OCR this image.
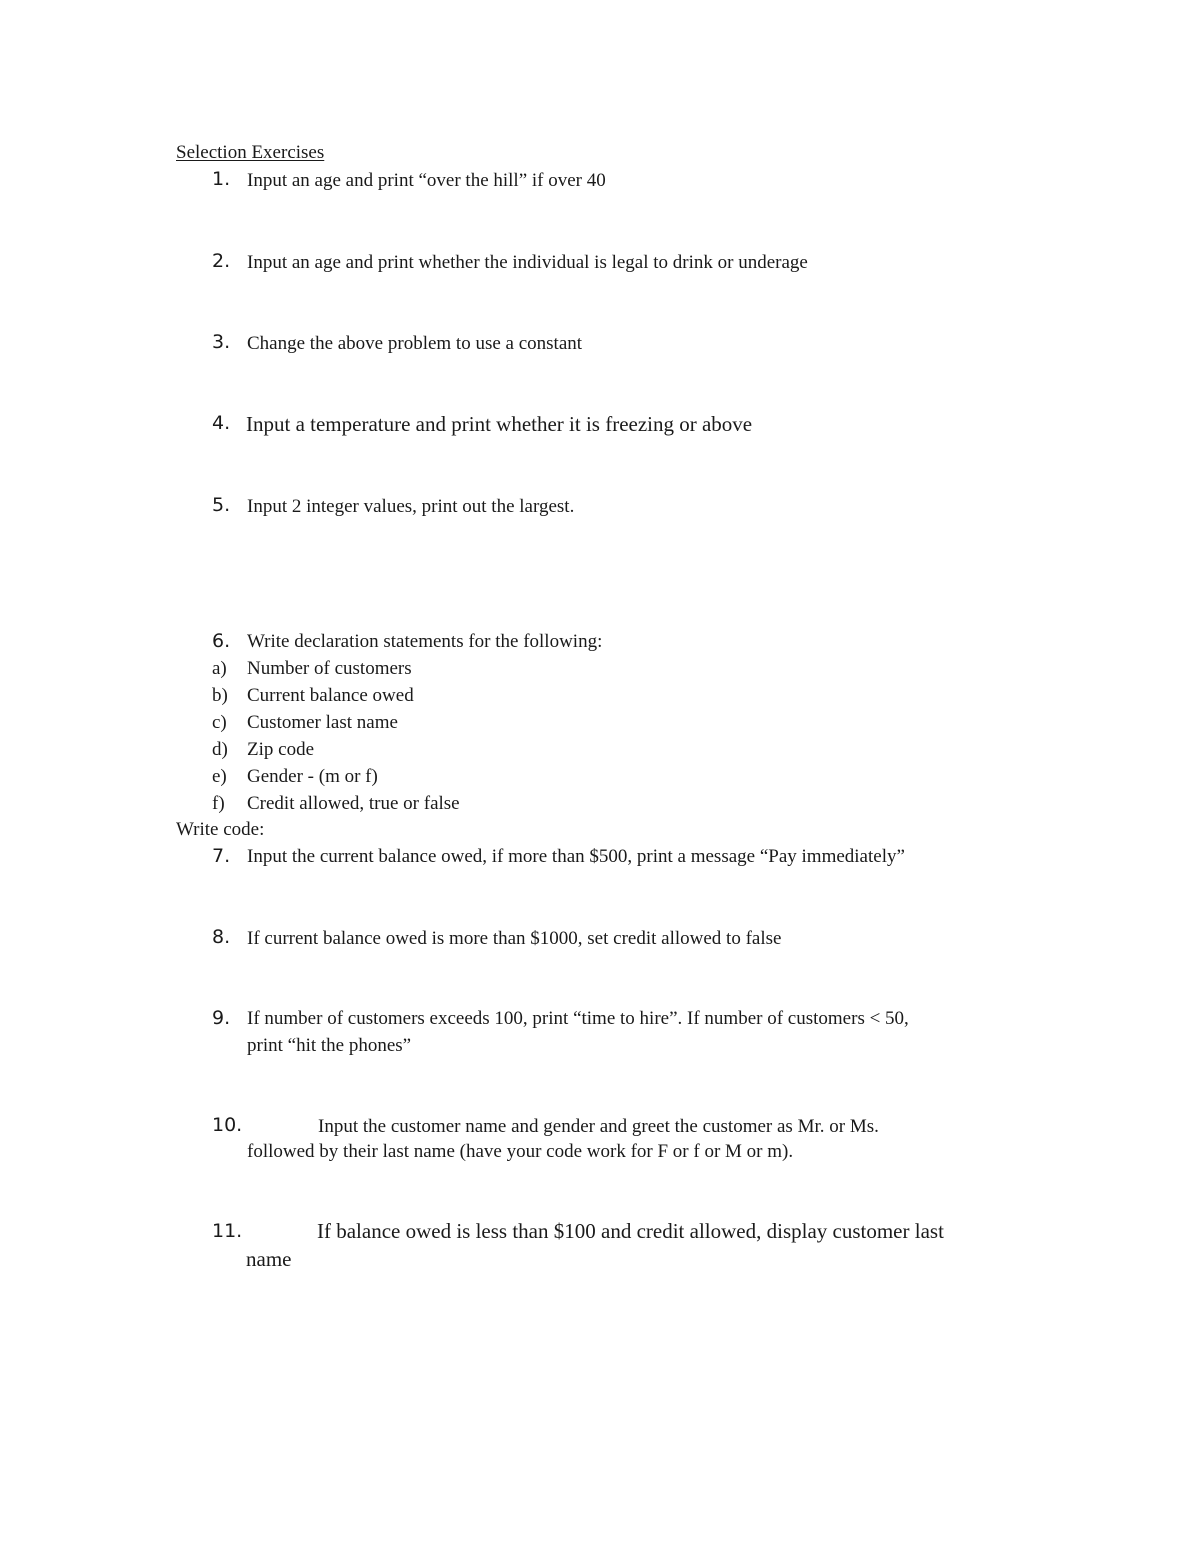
Selection Exercises
1. Input an age and print “over the hill” if over 40
2. Input an age and print whether the individual is legal to drink or underage
3. Change the above problem to use a constant
4. Input a temperature and print whether it is freezing or above
5. Input 2 integer values, print out the largest.
6. Write declaration statements for the following:
a) Number of customers
b) Current balance owed
c) Customer last name
d) Zip code
e) Gender - (m or f)
f) Credit allowed, true or false
Write code:
7. Input the current balance owed, if more than $500, print a message “Pay immediately”
8. If current balance owed is more than $1000, set credit allowed to false
9. If number of customers exceeds 100, print “time to hire”. If number of customers < 50,
print “hit the phones”
10.	Input the customer name and gender and greet the customer as Mr. or Ms.
followed by their last name (have your code work for F or f or M or m).
11.	If balance owed is less than $100 and credit allowed, display customer last
name
